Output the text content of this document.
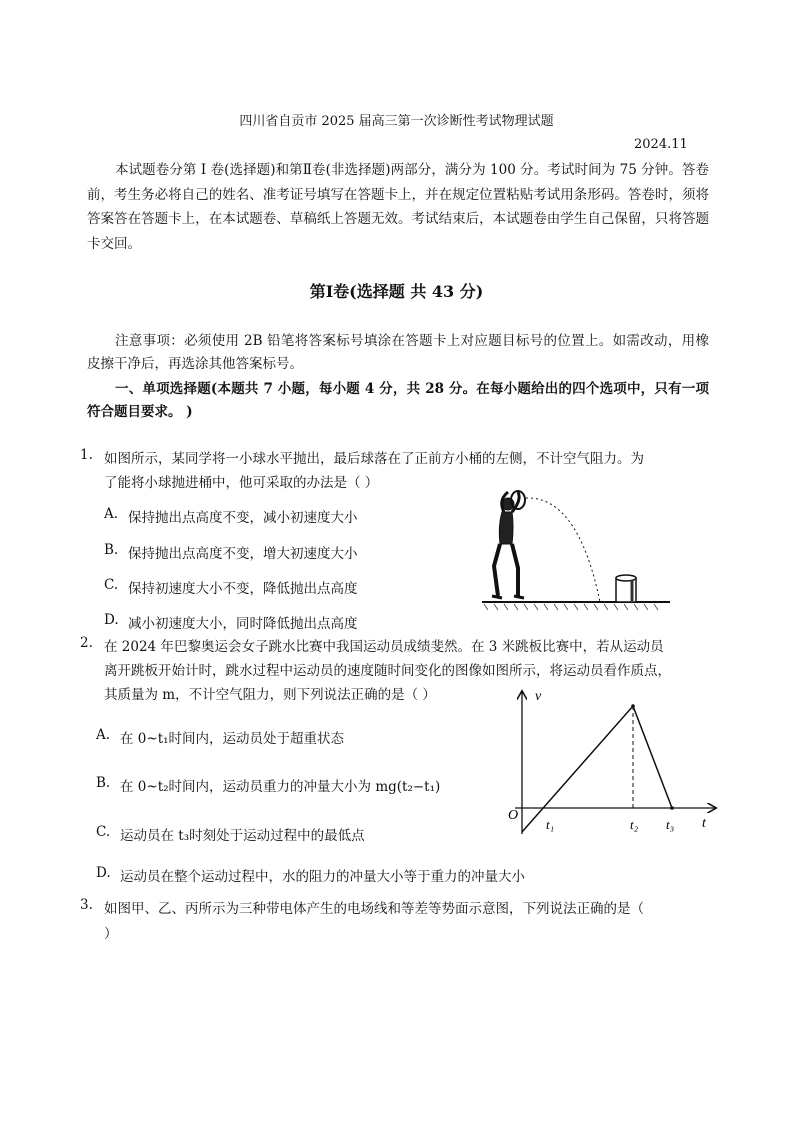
四川省自贡市 2025 届高三第一次诊断性考试物理试题
2024.11
本试题卷分第 I 卷(选择题)和第Ⅱ卷(非选择题)两部分，满分为 100 分。考试时间为 75 分钟。答卷前，考生务必将自己的姓名、准考证号填写在答题卡上，并在规定位置粘贴考试用条形码。答卷时，须将答案答在答题卡上，在本试题卷、草稿纸上答题无效。考试结束后，本试题卷由学生自己保留，只将答题卡交回。
第Ⅰ卷(选择题 共 43 分)
注意事项：必须使用 2B 铅笔将答案标号填涂在答题卡上对应题目标号的位置上。如需改动，用橡皮擦干净后，再选涂其他答案标号。
一、单项选择题(本题共 7 小题，每小题 4 分，共 28 分。在每小题给出的四个选项中，只有一项符合题目要求。 )
1. 如图所示，某同学将一小球水平抛出，最后球落在了正前方小桶的左侧，不计空气阻力。为
了能将小球抛进桶中，他可采取的办法是（ ）
A. 保持抛出点高度不变，减小初速度大小
B. 保持抛出点高度不变，增大初速度大小
C. 保持初速度大小不变，降低抛出点高度
D. 减小初速度大小，同时降低抛出点高度
2. 在 2024 年巴黎奥运会女子跳水比赛中我国运动员成绩斐然。在 3 米跳板比赛中，若从运动员
离开跳板开始计时，跳水过程中运动员的速度随时间变化的图像如图所示，将运动员看作质点，
其质量为 m，不计空气阻力，则下列说法正确的是（ ）
A. 在 0~t₁时间内，运动员处于超重状态
B. 在 0~t₂时间内，运动员重力的冲量大小为 mg(t₂−t₁)
C. 运动员在 t₃时刻处于运动过程中的最低点
D. 运动员在整个运动过程中，水的阻力的冲量大小等于重力的冲量大小
v
t
O
t₁	t₂ t₃
3. 如图甲、乙、丙所示为三种带电体产生的电场线和等差等势面示意图，下列说法正确的是（
）
